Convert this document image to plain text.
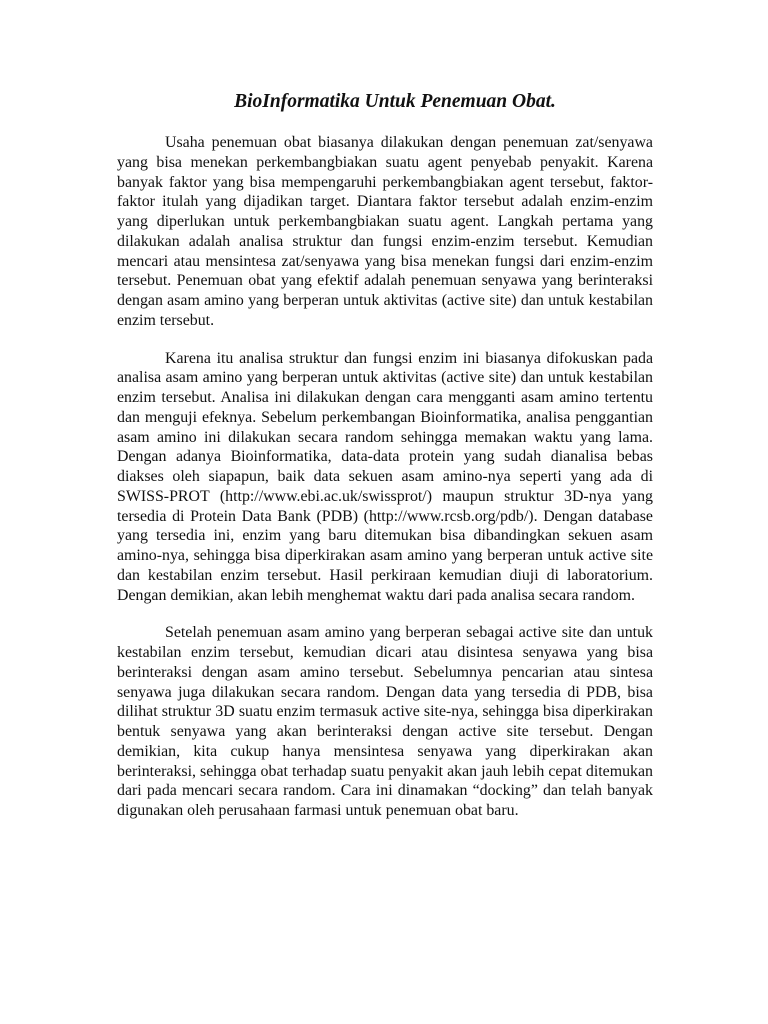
BioInformatika Untuk Penemuan Obat.

Usaha penemuan obat biasanya dilakukan dengan penemuan zat/senyawa yang bisa menekan perkembangbiakan suatu agent penyebab penyakit. Karena banyak faktor yang bisa mempengaruhi perkembangbiakan agent tersebut, faktor-faktor itulah yang dijadikan target. Diantara faktor tersebut adalah enzim-enzim yang diperlukan untuk perkembangbiakan suatu agent. Langkah pertama yang dilakukan adalah analisa struktur dan fungsi enzim-enzim tersebut. Kemudian mencari atau mensintesa zat/senyawa yang bisa menekan fungsi dari enzim-enzim tersebut. Penemuan obat yang efektif adalah penemuan senyawa yang berinteraksi dengan asam amino yang berperan untuk aktivitas (active site) dan untuk kestabilan enzim tersebut.

Karena itu analisa struktur dan fungsi enzim ini biasanya difokuskan pada analisa asam amino yang berperan untuk aktivitas (active site) dan untuk kestabilan enzim tersebut. Analisa ini dilakukan dengan cara mengganti asam amino tertentu dan menguji efeknya. Sebelum perkembangan Bioinformatika, analisa penggantian asam amino ini dilakukan secara random sehingga memakan waktu yang lama. Dengan adanya Bioinformatika, data-data protein yang sudah dianalisa bebas diakses oleh siapapun, baik data sekuen asam amino-nya seperti yang ada di SWISS-PROT (http://www.ebi.ac.uk/swissprot/) maupun struktur 3D-nya yang tersedia di Protein Data Bank (PDB) (http://www.rcsb.org/pdb/). Dengan database yang tersedia ini, enzim yang baru ditemukan bisa dibandingkan sekuen asam amino-nya, sehingga bisa diperkirakan asam amino yang berperan untuk active site dan kestabilan enzim tersebut. Hasil perkiraan kemudian diuji di laboratorium. Dengan demikian, akan lebih menghemat waktu dari pada analisa secara random.

Setelah penemuan asam amino yang berperan sebagai active site dan untuk kestabilan enzim tersebut, kemudian dicari atau disintesa senyawa yang bisa berinteraksi dengan asam amino tersebut. Sebelumnya pencarian atau sintesa senyawa juga dilakukan secara random. Dengan data yang tersedia di PDB, bisa dilihat struktur 3D suatu enzim termasuk active site-nya, sehingga bisa diperkirakan bentuk senyawa yang akan berinteraksi dengan active site tersebut. Dengan demikian, kita cukup hanya mensintesa senyawa yang diperkirakan akan berinteraksi, sehingga obat terhadap suatu penyakit akan jauh lebih cepat ditemukan dari pada mencari secara random. Cara ini dinamakan “docking” dan telah banyak digunakan oleh perusahaan farmasi untuk penemuan obat baru.
